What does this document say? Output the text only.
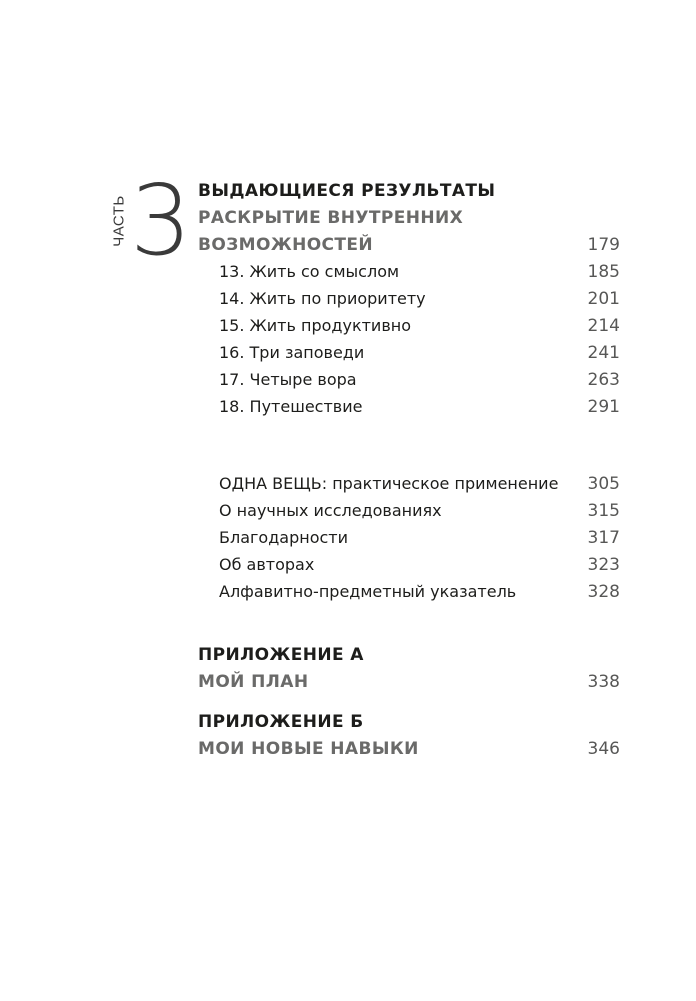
ЧАСТЬ 3 ВЫДАЮЩИЕСЯ РЕЗУЛЬТАТЫ
РАСКРЫТИЕ ВНУТРЕННИХ
ВОЗМОЖНОСТЕЙ	179
13. Жить со смыслом	185
14. Жить по приоритету	201
15. Жить продуктивно	214
16. Три заповеди	241
17. Четыре вора	263
18. Путешествие	291
ОДНА ВЕЩЬ: практическое применение 305
О научных исследованиях	315
Благодарности	317
Об авторах	323
Алфавитно-предметный указатель	328
ПРИЛОЖЕНИЕ А
МОЙ ПЛАН	338
ПРИЛОЖЕНИЕ Б
МОИ НОВЫЕ НАВЫКИ	346
